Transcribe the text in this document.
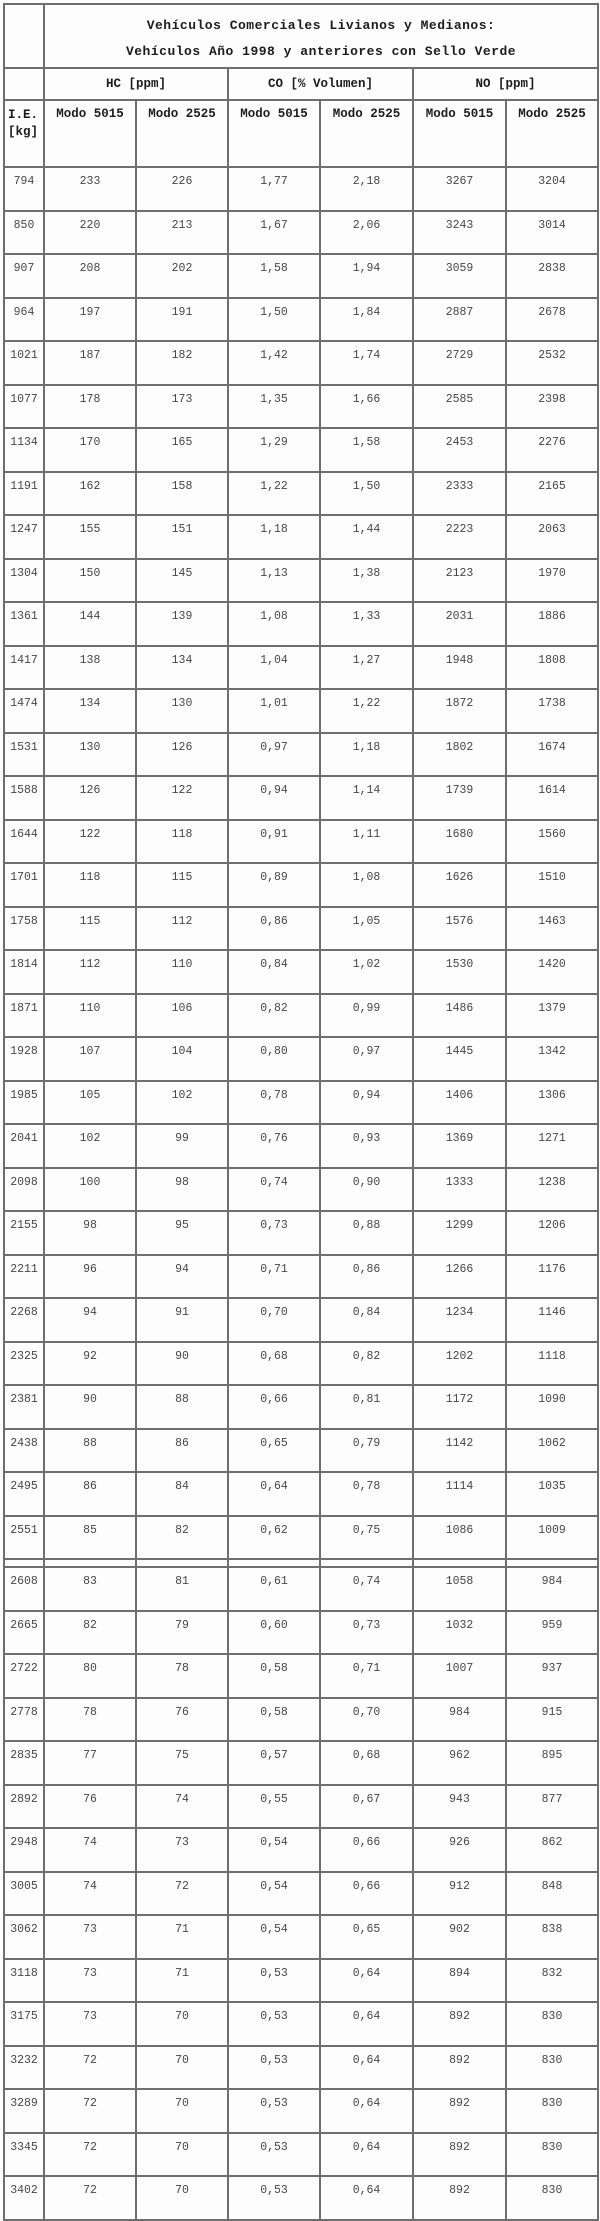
	Vehículos Comerciales Livianos y Medianos:
Vehículos Año 1998 y anteriores con Sello Verde					

	HC [ppm]		CO [% Volumen]		NO [ppm]	

I.E.
[kg]	Modo 5015	Modo 2525	Modo 5015	Modo 2525	Modo 5015	Modo 2525
794	233	226	1,77	2,18	3267	3204
850	220	213	1,67	2,06	3243	3014
907	208	202	1,58	1,94	3059	2838
964	197	191	1,50	1,84	2887	2678
1021	187	182	1,42	1,74	2729	2532
1077	178	173	1,35	1,66	2585	2398
1134	170	165	1,29	1,58	2453	2276
1191	162	158	1,22	1,50	2333	2165
1247	155	151	1,18	1,44	2223	2063
1304	150	145	1,13	1,38	2123	1970
1361	144	139	1,08	1,33	2031	1886
1417	138	134	1,04	1,27	1948	1808
1474	134	130	1,01	1,22	1872	1738
1531	130	126	0,97	1,18	1802	1674
1588	126	122	0,94	1,14	1739	1614
1644	122	118	0,91	1,11	1680	1560
1701	118	115	0,89	1,08	1626	1510
1758	115	112	0,86	1,05	1576	1463
1814	112	110	0,84	1,02	1530	1420
1871	110	106	0,82	0,99	1486	1379
1928	107	104	0,80	0,97	1445	1342
1985	105	102	0,78	0,94	1406	1306
2041	102	99	0,76	0,93	1369	1271
2098	100	98	0,74	0,90	1333	1238
2155	98	95	0,73	0,88	1299	1206
2211	96	94	0,71	0,86	1266	1176
2268	94	91	0,70	0,84	1234	1146
2325	92	90	0,68	0,82	1202	1118
2381	90	88	0,66	0,81	1172	1090
2438	88	86	0,65	0,79	1142	1062
2495	86	84	0,64	0,78	1114	1035
2551	85	82	0,62	0,75	1086	1009

2608	83	81	0,61	0,74	1058	984
2665	82	79	0,60	0,73	1032	959
2722	80	78	0,58	0,71	1007	937
2778	78	76	0,58	0,70	984	915
2835	77	75	0,57	0,68	962	895
2892	76	74	0,55	0,67	943	877
2948	74	73	0,54	0,66	926	862
3005	74	72	0,54	0,66	912	848
3062	73	71	0,54	0,65	902	838
3118	73	71	0,53	0,64	894	832
3175	73	70	0,53	0,64	892	830
3232	72	70	0,53	0,64	892	830
3289	72	70	0,53	0,64	892	830
3345	72	70	0,53	0,64	892	830
3402	72	70	0,53	0,64	892	830
